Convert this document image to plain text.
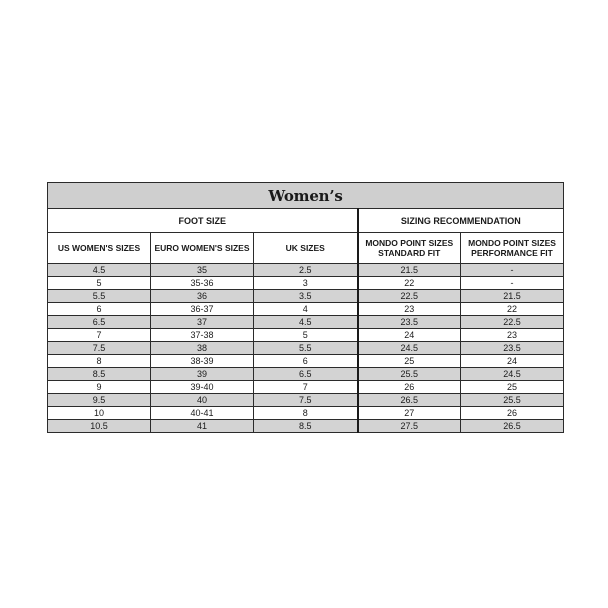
Women’s				
FOOT SIZE			SIZING RECOMMENDATION	
US WOMEN'S SIZES	EURO WOMEN'S SIZES	UK SIZES	MONDO POINT SIZES STANDARD FIT	MONDO POINT SIZES PERFORMANCE FIT
4.5	35	2.5	21.5	-
5	35-36	3	22	-
5.5	36	3.5	22.5	21.5
6	36-37	4	23	22
6.5	37	4.5	23.5	22.5
7	37-38	5	24	23
7.5	38	5.5	24.5	23.5
8	38-39	6	25	24
8.5	39	6.5	25.5	24.5
9	39-40	7	26	25
9.5	40	7.5	26.5	25.5
10	40-41	8	27	26
10.5	41	8.5	27.5	26.5
